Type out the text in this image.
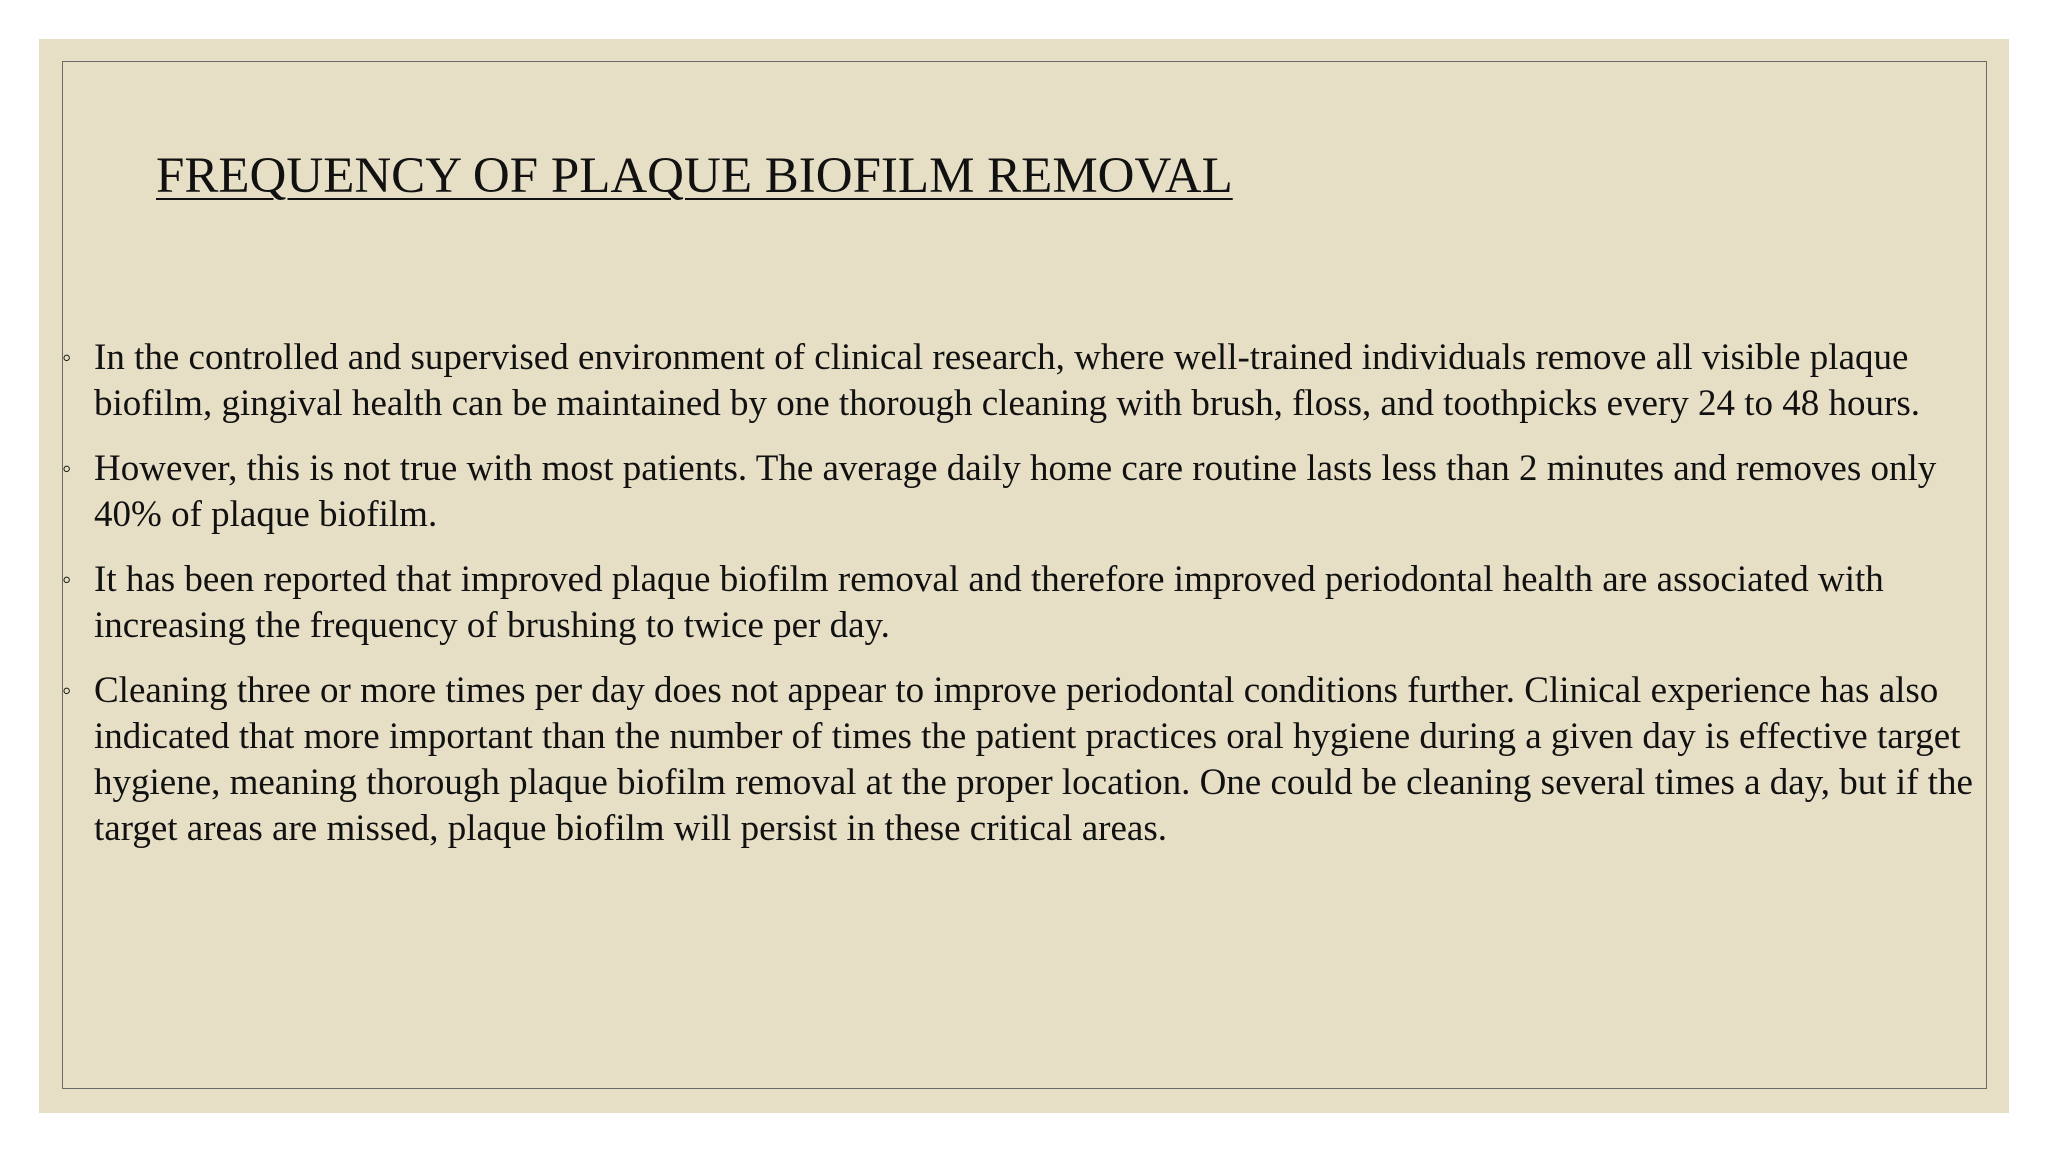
FREQUENCY OF PLAQUE BIOFILM REMOVAL
◦ In the controlled and supervised environment of clinical research, where well-trained individuals remove all visible plaque biofilm, gingival health can be maintained by one thorough cleaning with brush, floss, and toothpicks every 24 to 48 hours.
◦ However, this is not true with most patients. The average daily home care routine lasts less than 2 minutes and removes only 40% of plaque biofilm.
◦ It has been reported that improved plaque biofilm removal and therefore improved periodontal health are associated with increasing the frequency of brushing to twice per day.
◦ Cleaning three or more times per day does not appear to improve periodontal conditions further. Clinical experience has also indicated that more important than the number of times the patient practices oral hygiene during a given day is effective target hygiene, meaning thorough plaque biofilm removal at the proper location. One could be cleaning several times a day, but if the target areas are missed, plaque biofilm will persist in these critical areas.
